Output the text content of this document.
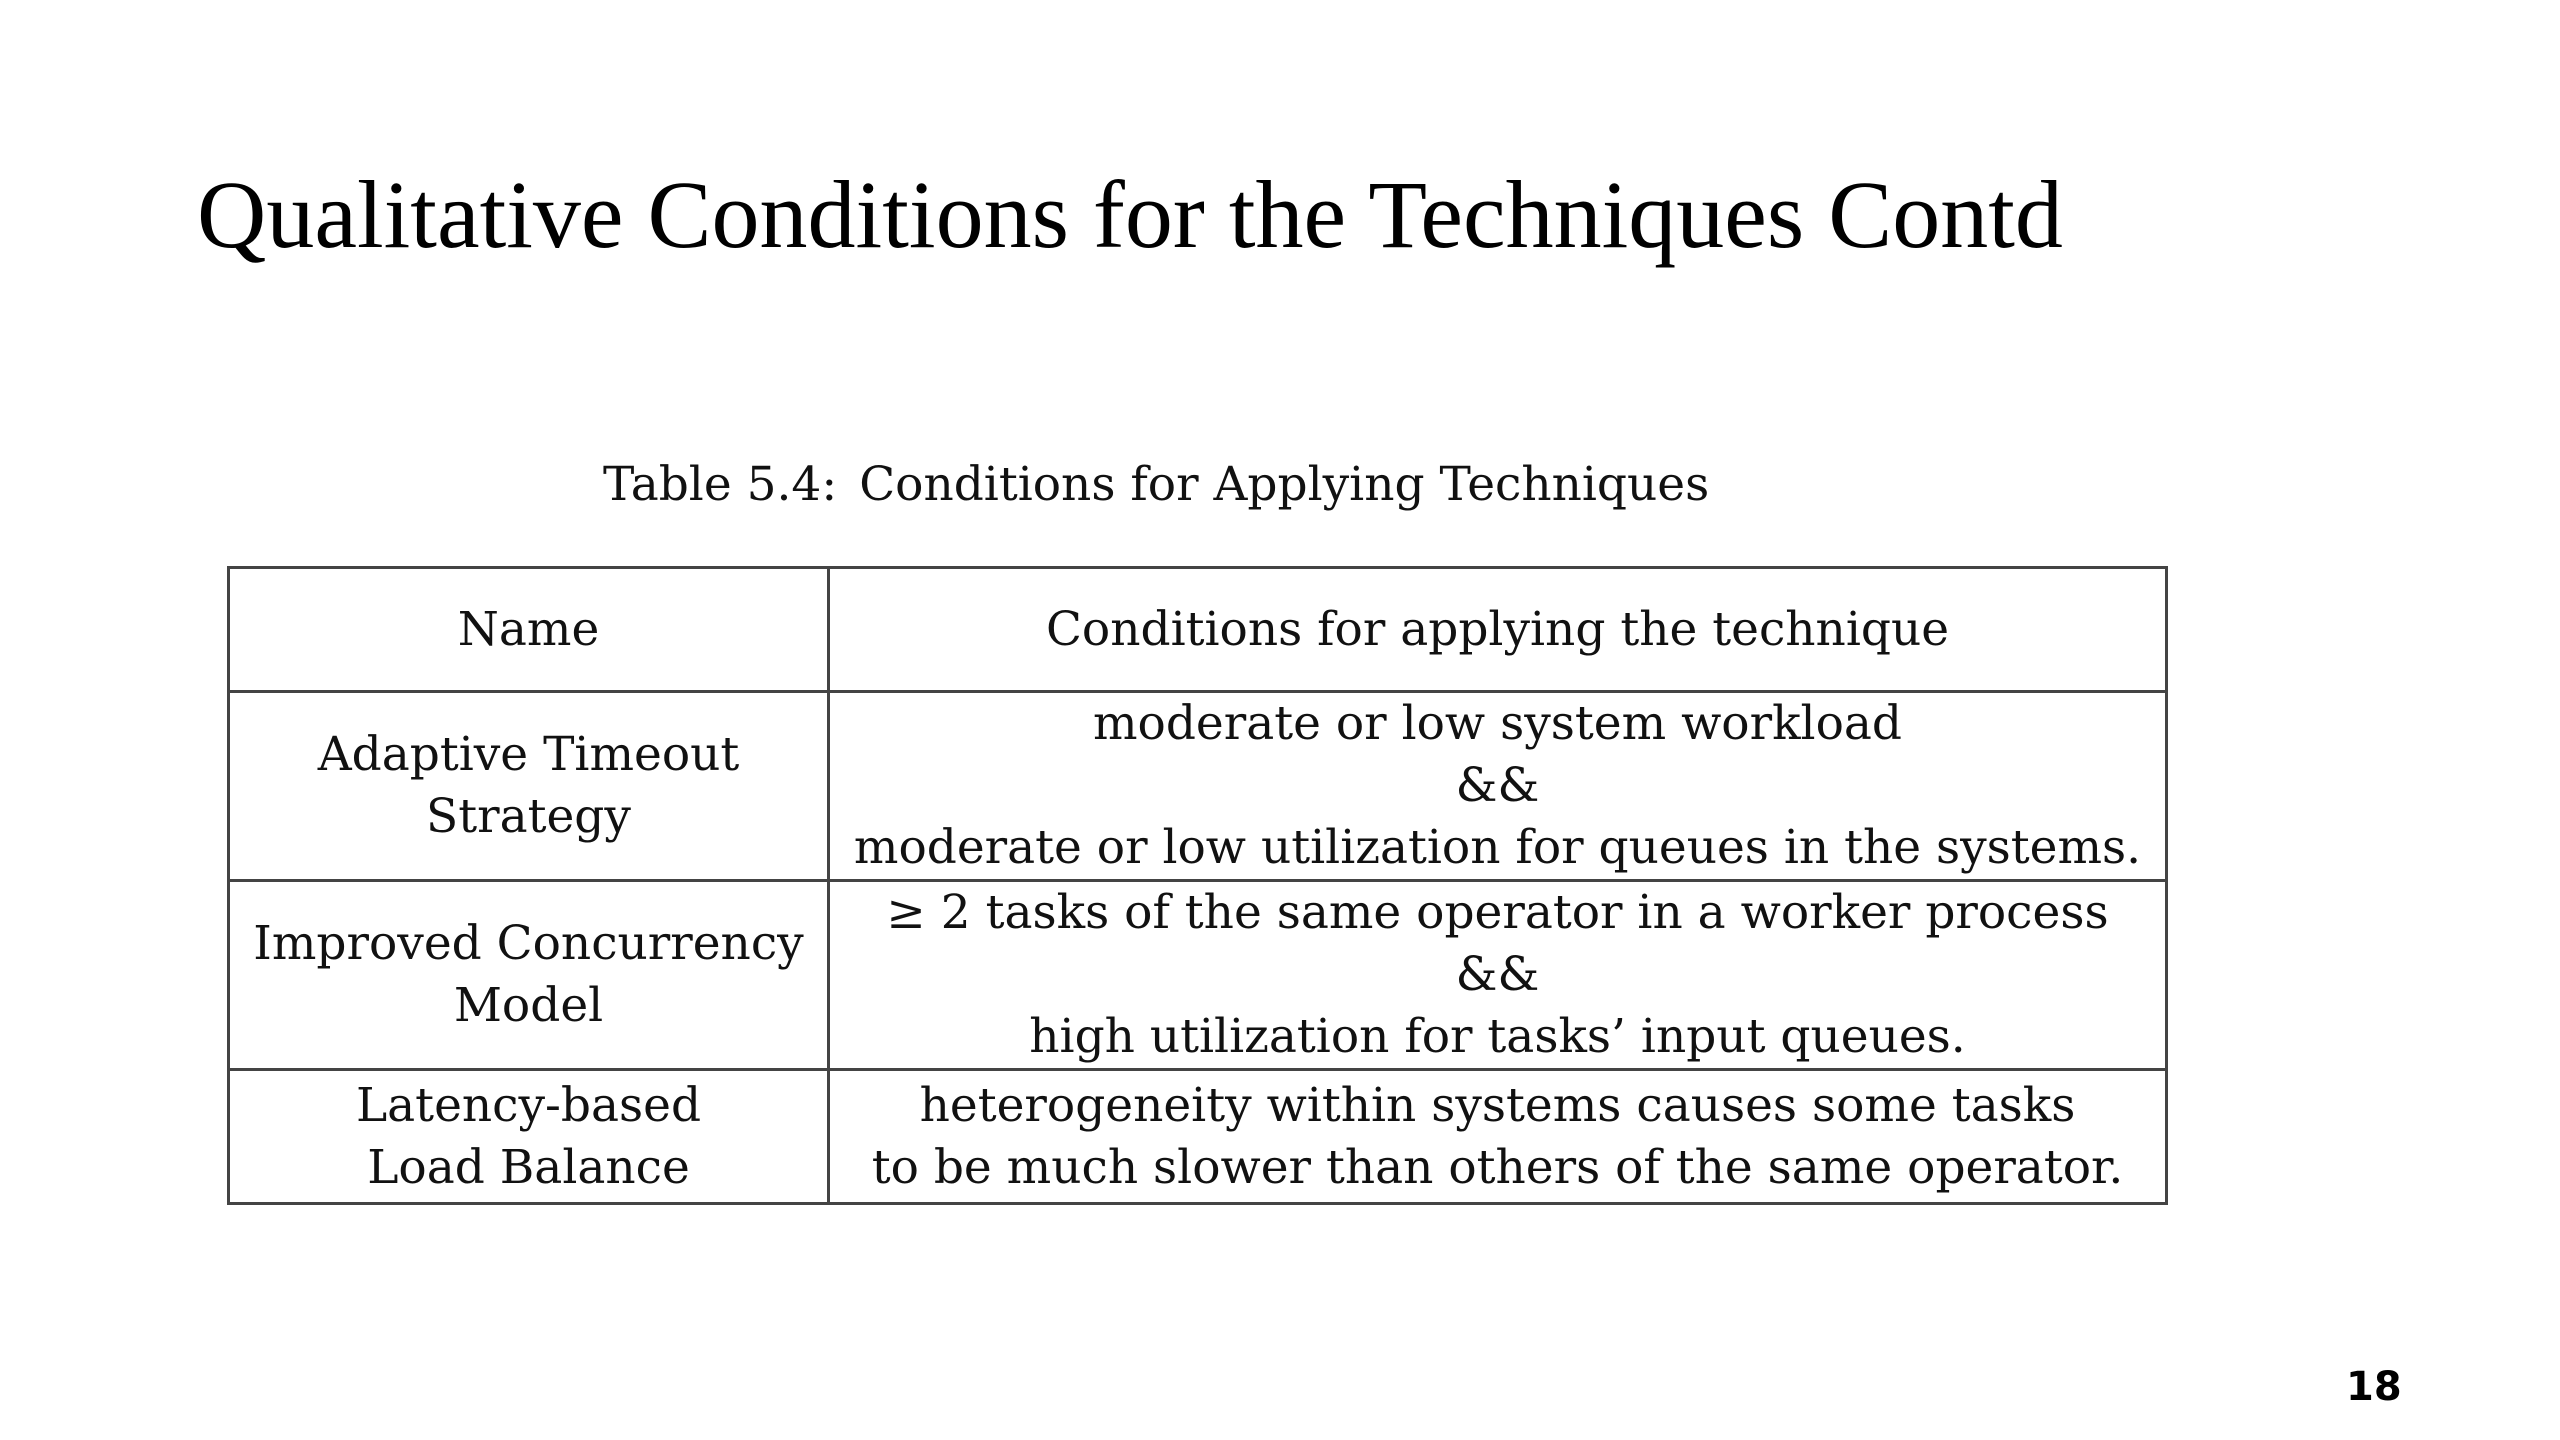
Qualitative Conditions for the Techniques Contd
Table 5.4: Conditions for Applying Techniques
Name	Conditions for applying the technique

Adaptive Timeout
Strategy	moderate or low system workload
&&
moderate or low utilization for queues in the systems.

Improved Concurrency
Model	≥ 2 tasks of the same operator in a worker process
&&
high utilization for tasks’ input queues.

Latency-based
Load Balance	heterogeneity within systems causes some tasks
to be much slower than others of the same operator.
18
